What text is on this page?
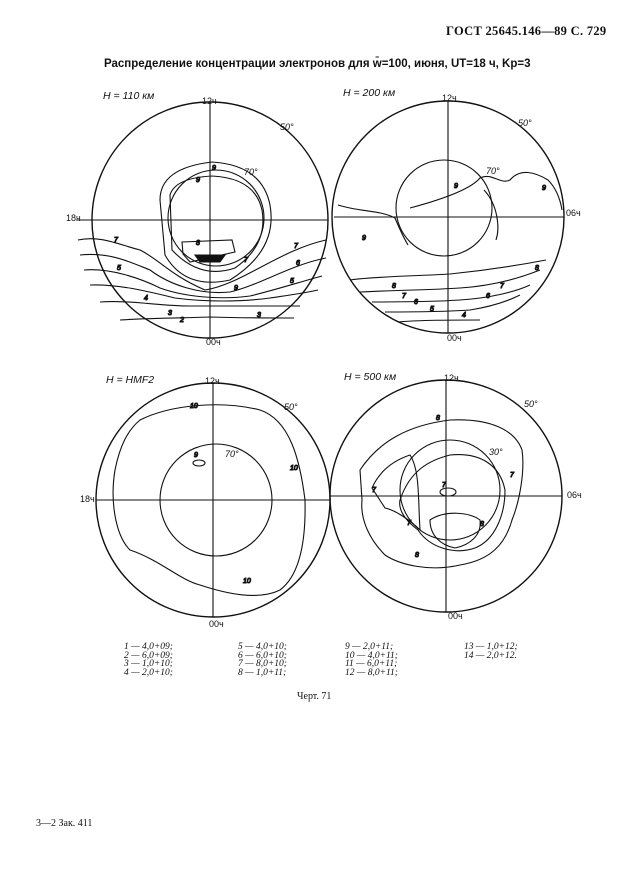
ГОСТ 25645.146—89 С. 729
Распределение концентрации электронов для w̄=100, июня, UT=18 ч, Kp=3
H = 110 км	H = 200 км
H = HMF2	H = 500 км
12ч
18ч
00ч
12ч
06ч
00ч
12ч
18ч
00ч
12ч
06ч
00ч
50°
70°
50°
70°
50°
70°
50°
30°
9
9
7
5
4
3
2
3
5
6
7
7
8
9
9
9
9
8
8
7
7
6
6
5
4
10
10
10
9
8
7
7
7
7
8
8
1 — 4,0+09;
2 — 6,0+09;
3 — 1,0+10;
4 — 2,0+10;
5 — 4,0+10;
6 — 6,0+10;
7 — 8,0+10;
8 — 1,0+11;
9 — 2,0+11;
10 — 4,0+11;
11 — 6,0+11;
12 — 8,0+11;
13 — 1,0+12;
14 — 2,0+12.
Черт. 71
3—2 Зак. 411
